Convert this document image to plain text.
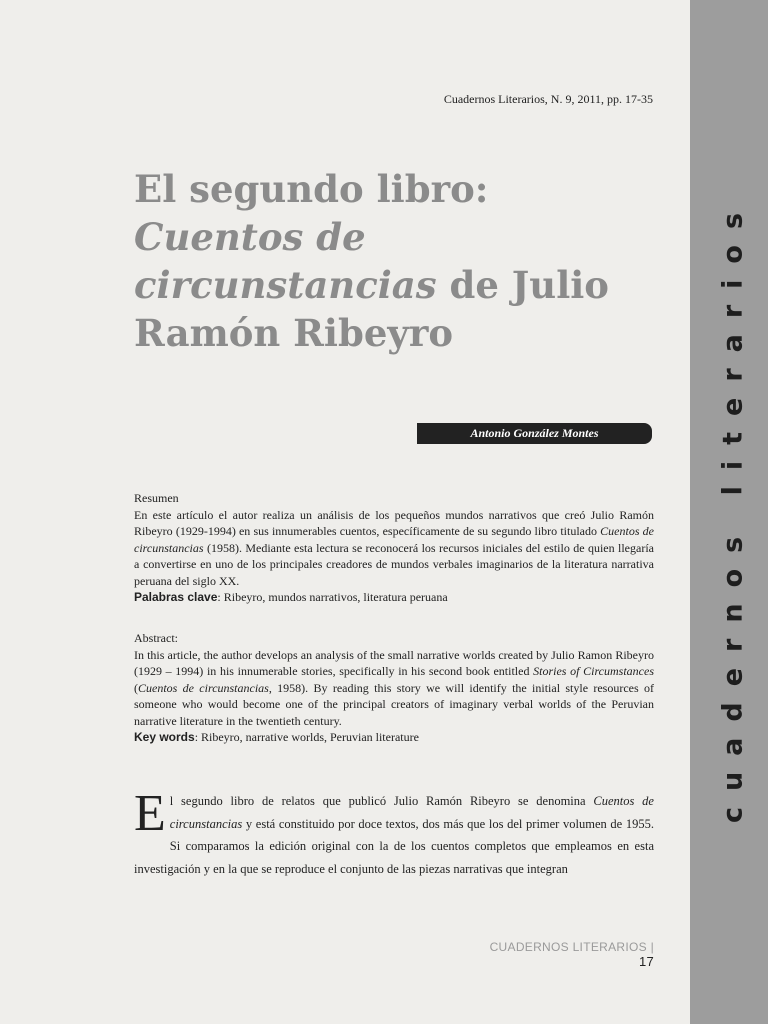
Cuadernos Literarios, N. 9, 2011, pp. 17-35
El segundo libro:
Cuentos de
circunstancias de Julio
Ramón Ribeyro
Antonio González Montes

Resumen

En este artículo el autor realiza un análisis de los pequeños mundos narrativos que creó Julio Ramón Ribeyro (1929-1994) en sus innumerables cuentos, específicamente de su segundo libro titulado Cuentos de circunstancias (1958). Mediante esta lectura se reconocerá los recursos iniciales del estilo de quien llegaría a convertirse en uno de los principales creadores de mundos verbales imaginarios de la literatura narrativa peruana del siglo XX.

Palabras clave: Ribeyro, mundos narrativos, literatura peruana

Abstract:

In this article, the author develops an analysis of the small narrative worlds created by Julio Ramon Ribeyro (1929 – 1994) in his innumerable stories, specifically in his second book entitled Stories of Circumstances (Cuentos de circunstancias, 1958). By reading this story we will identify the initial style resources of someone who would become one of the principal creators of imaginary verbal worlds of the Peruvian narrative literature in the twentieth century.

Key words: Ribeyro, narrative worlds, Peruvian literature

El segundo libro de relatos que publicó Julio Ramón Ribeyro se denomina Cuentos de circunstancias y está constituido por doce textos, dos más que los del primer volumen de 1955. Si comparamos la edición original con la de los cuentos completos que empleamos en esta investigación y en la que se reproduce el conjunto de las piezas narrativas que integran
CUADERNOS LITERARIOS | 17
cuadernos literarios
